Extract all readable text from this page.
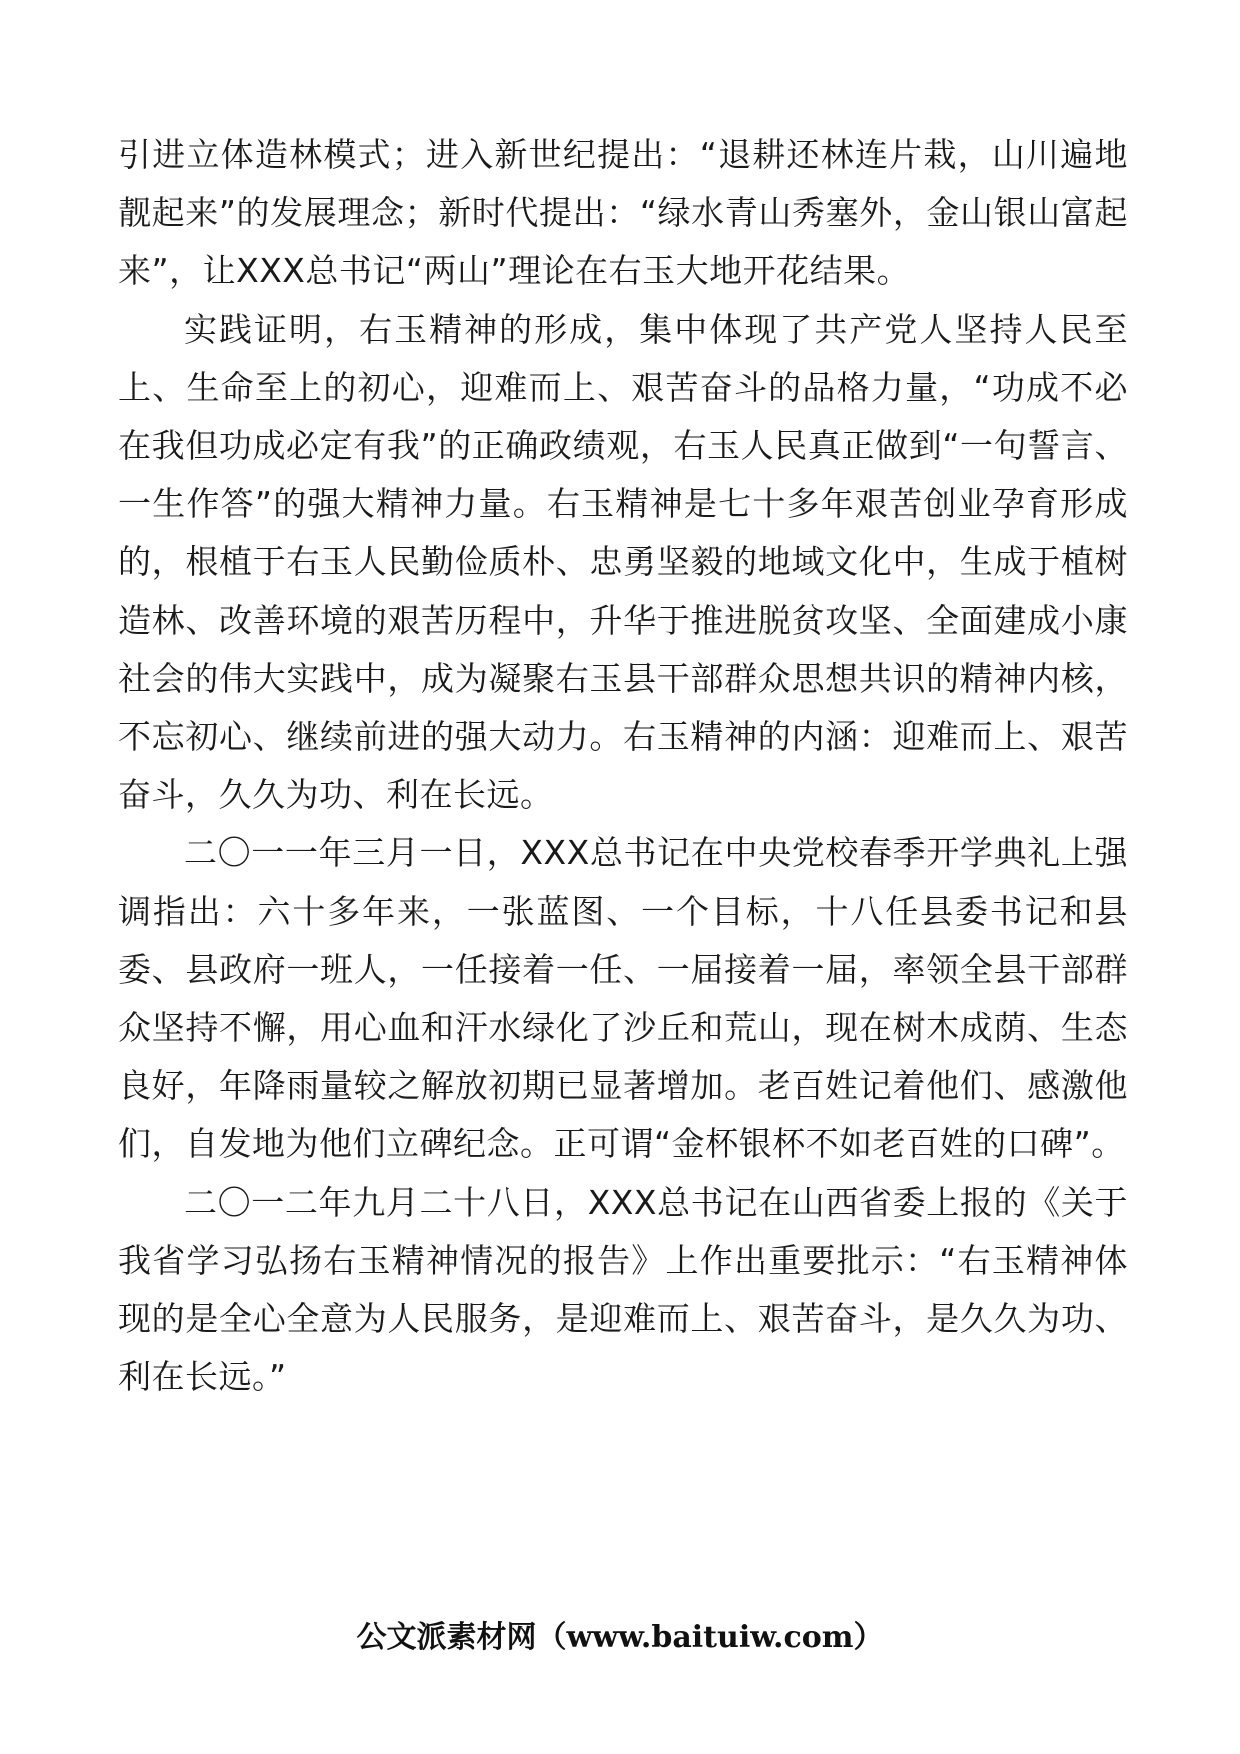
引进立体造林模式；进入新世纪提出：“退耕还林连片栽，山川遍地靓起来”的发展理念；新时代提出：“绿水青山秀塞外，金山银山富起来”，让XXX总书记“两山”理论在右玉大地开花结果。

实践证明，右玉精神的形成，集中体现了共产党人坚持人民至上、生命至上的初心，迎难而上、艰苦奋斗的品格力量，“功成不必在我但功成必定有我”的正确政绩观，右玉人民真正做到“一句誓言、一生作答”的强大精神力量。右玉精神是七十多年艰苦创业孕育形成的，根植于右玉人民勤俭质朴、忠勇坚毅的地域文化中，生成于植树造林、改善环境的艰苦历程中，升华于推进脱贫攻坚、全面建成小康社会的伟大实践中，成为凝聚右玉县干部群众思想共识的精神内核，不忘初心、继续前进的强大动力。右玉精神的内涵：迎难而上、艰苦奋斗，久久为功、利在长远。

二〇一一年三月一日，XXX总书记在中央党校春季开学典礼上强调指出：六十多年来，一张蓝图、一个目标，十八任县委书记和县委、县政府一班人，一任接着一任、一届接着一届，率领全县干部群众坚持不懈，用心血和汗水绿化了沙丘和荒山，现在树木成荫、生态良好，年降雨量较之解放初期已显著增加。老百姓记着他们、感激他们，自发地为他们立碑纪念。正可谓“金杯银杯不如老百姓的口碑”。

二〇一二年九月二十八日，XXX总书记在山西省委上报的《关于我省学习弘扬右玉精神情况的报告》上作出重要批示：“右玉精神体现的是全心全意为人民服务，是迎难而上、艰苦奋斗，是久久为功、利在长远。”

公文派素材网（www.baituiw.com）
